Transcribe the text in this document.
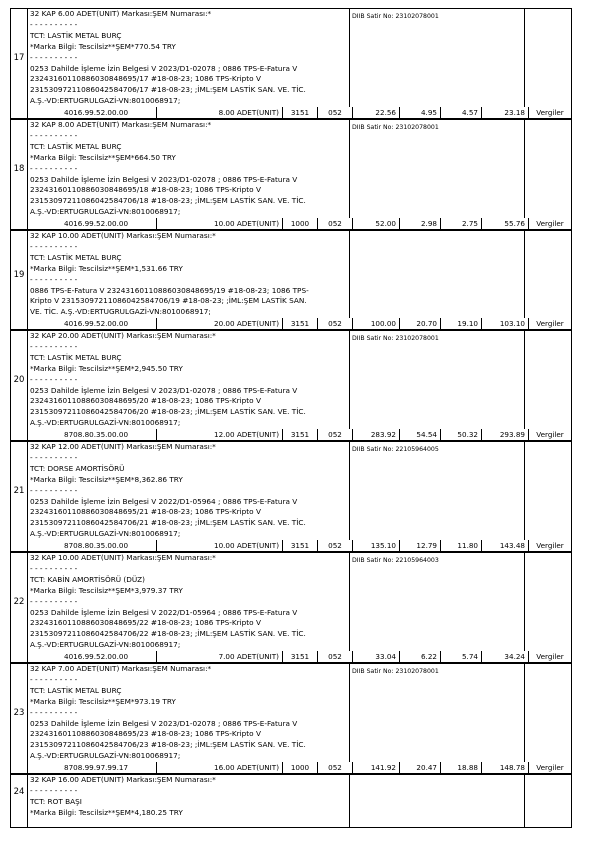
17
32 KAP 6.00 ADET(UNIT) Markası:ŞEM Numarası:*
- - - - - - - - - -
TCT: LASTİK METAL BURÇ
*Marka Bilgi: Tescilsiz**ŞEM*770.54 TRY
- - - - - - - - - -
0253 Dahilde İşleme İzin Belgesi V 2023/D1-02078 ; 0886 TPS-E-Fatura V
23243160110886030848695/17 #18-08-23; 1086 TPS-Kripto V
23153097211086042584706/17 #18-08-23; ;İML:ŞEM LASTİK SAN. VE. TİC.
A.Ş.-VD:ERTUGRULGAZİ-VN:8010068917;
DIIB Satir No: 23102078001
4016.99.52.00.00	8.00 ADET(UNIT)	3151	052	22.56	4.95	4.57	23.18	Vergiler
18
32 KAP 8.00 ADET(UNIT) Markası:ŞEM Numarası:*
- - - - - - - - - -
TCT: LASTİK METAL BURÇ
*Marka Bilgi: Tescilsiz**ŞEM*664.50 TRY
- - - - - - - - - -
0253 Dahilde İşleme İzin Belgesi V 2023/D1-02078 ; 0886 TPS-E-Fatura V
23243160110886030848695/18 #18-08-23; 1086 TPS-Kripto V
23153097211086042584706/18 #18-08-23; ;İML:ŞEM LASTİK SAN. VE. TİC.
A.Ş.-VD:ERTUGRULGAZİ-VN:8010068917;
DIIB Satir No: 23102078001
4016.99.52.00.00	10.00 ADET(UNIT)	1000	052	52.00	2.98	2.75	55.76	Vergiler
19
32 KAP 10.00 ADET(UNIT) Markası:ŞEM Numarası:*
- - - - - - - - - -
TCT: LASTİK METAL BURÇ
*Marka Bilgi: Tescilsiz**ŞEM*1,531.66 TRY
- - - - - - - - - -
0886 TPS-E-Fatura V 23243160110886030848695/19 #18-08-23; 1086 TPS-
Kripto V 23153097211086042584706/19 #18-08-23; ;İML:ŞEM LASTİK SAN.
VE. TİC. A.Ş.-VD:ERTUGRULGAZİ-VN:8010068917;
4016.99.52.00.00	20.00 ADET(UNIT)	3151	052	100.00	20.70	19.10	103.10	Vergiler
20
32 KAP 20.00 ADET(UNIT) Markası:ŞEM Numarası:*
- - - - - - - - - -
TCT: LASTİK METAL BURÇ
*Marka Bilgi: Tescilsiz**ŞEM*2,945.50 TRY
- - - - - - - - - -
0253 Dahilde İşleme İzin Belgesi V 2023/D1-02078 ; 0886 TPS-E-Fatura V
23243160110886030848695/20 #18-08-23; 1086 TPS-Kripto V
23153097211086042584706/20 #18-08-23; ;İML:ŞEM LASTİK SAN. VE. TİC.
A.Ş.-VD:ERTUGRULGAZİ-VN:8010068917;
DIIB Satir No: 23102078001
8708.80.35.00.00	12.00 ADET(UNIT)	3151	052	283.92	54.54	50.32	293.89	Vergiler
21
32 KAP 12.00 ADET(UNIT) Markası:ŞEM Numarası:*
- - - - - - - - - -
TCT: DORSE AMORTİSÖRÜ
*Marka Bilgi: Tescilsiz**ŞEM*8,362.86 TRY
- - - - - - - - - -
0253 Dahilde İşleme İzin Belgesi V 2022/D1-05964 ; 0886 TPS-E-Fatura V
23243160110886030848695/21 #18-08-23; 1086 TPS-Kripto V
23153097211086042584706/21 #18-08-23; ;İML:ŞEM LASTİK SAN. VE. TİC.
A.Ş.-VD:ERTUGRULGAZİ-VN:8010068917;
DIIB Satir No: 22105964005
8708.80.35.00.00	10.00 ADET(UNIT)	3151	052	135.10	12.79	11.80	143.48	Vergiler
22
32 KAP 10.00 ADET(UNIT) Markası:ŞEM Numarası:*
- - - - - - - - - -
TCT: KABİN AMORTİSÖRÜ (DÜZ)
*Marka Bilgi: Tescilsiz**ŞEM*3,979.37 TRY
- - - - - - - - - -
0253 Dahilde İşleme İzin Belgesi V 2022/D1-05964 ; 0886 TPS-E-Fatura V
23243160110886030848695/22 #18-08-23; 1086 TPS-Kripto V
23153097211086042584706/22 #18-08-23; ;İML:ŞEM LASTİK SAN. VE. TİC.
A.Ş.-VD:ERTUGRULGAZİ-VN:8010068917;
DIIB Satir No: 22105964003
4016.99.52.00.00	7.00 ADET(UNIT)	3151	052	33.04	6.22	5.74	34.24	Vergiler
23
32 KAP 7.00 ADET(UNIT) Markası:ŞEM Numarası:*
- - - - - - - - - -
TCT: LASTİK METAL BURÇ
*Marka Bilgi: Tescilsiz**ŞEM*973.19 TRY
- - - - - - - - - -
0253 Dahilde İşleme İzin Belgesi V 2023/D1-02078 ; 0886 TPS-E-Fatura V
23243160110886030848695/23 #18-08-23; 1086 TPS-Kripto V
23153097211086042584706/23 #18-08-23; ;İML:ŞEM LASTİK SAN. VE. TİC.
A.Ş.-VD:ERTUGRULGAZİ-VN:8010068917;
DIIB Satir No: 23102078001
8708.99.97.99.17	16.00 ADET(UNIT)	1000	052	141.92	20.47	18.88	148.78	Vergiler
24
32 KAP 16.00 ADET(UNIT) Markası:ŞEM Numarası:*
- - - - - - - - - -
TCT: ROT BAŞI
*Marka Bilgi: Tescilsiz**ŞEM*4,180.25 TRY
